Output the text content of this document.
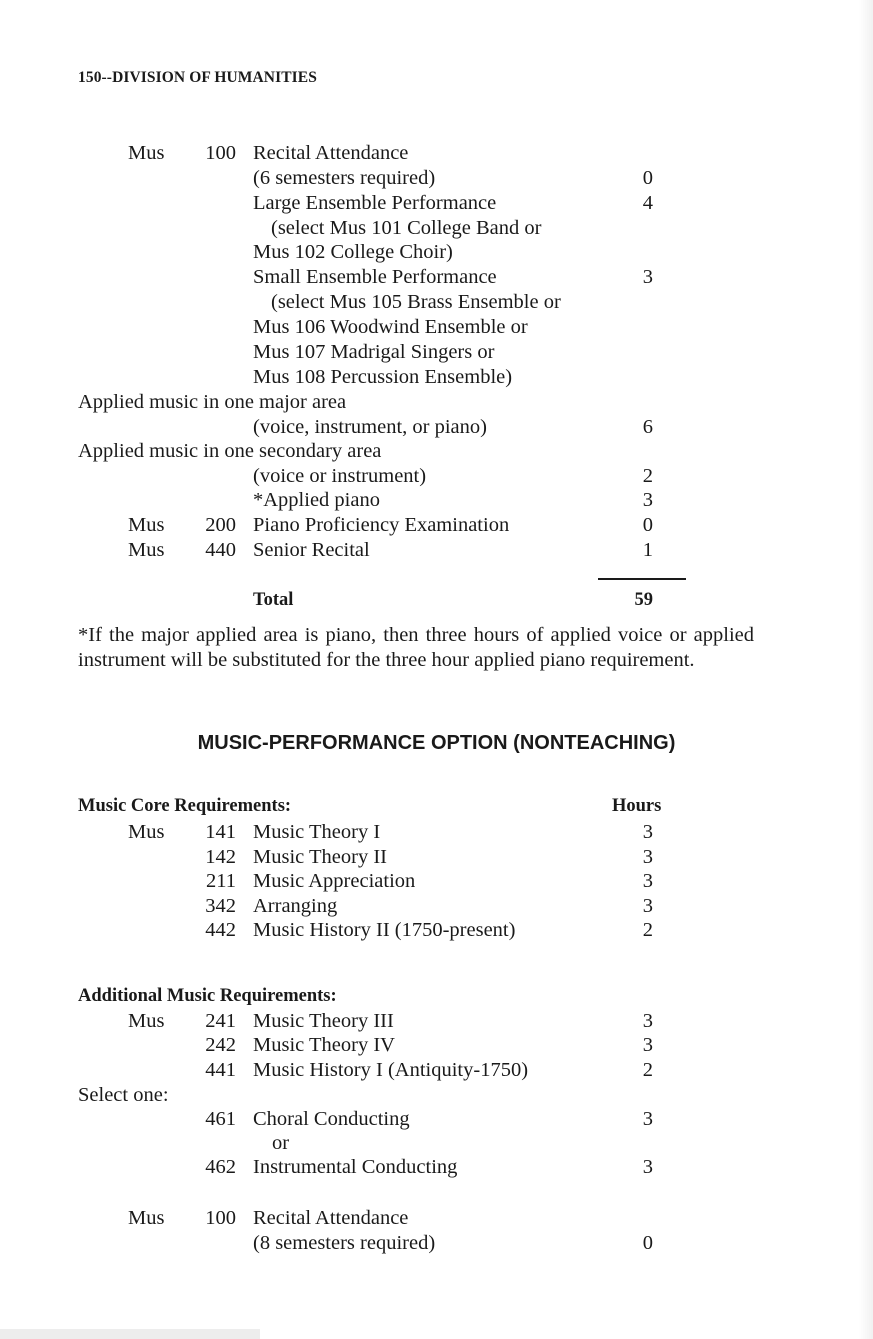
150--DIVISION OF HUMANITIES
Mus 100 Recital Attendance
(6 semesters required)	0
Large Ensemble Performance	4
(select Mus 101 College Band or
Mus 102 College Choir)
Small Ensemble Performance	3
(select Mus 105 Brass Ensemble or
Mus 106 Woodwind Ensemble or
Mus 107 Madrigal Singers or
Mus 108 Percussion Ensemble)
Applied music in one major area
(voice, instrument, or piano)	6
Applied music in one secondary area
(voice or instrument)	2
*Applied piano	3
Mus 200 Piano Proficiency Examination	0
Mus 440 Senior Recital	1
Total	59
*If the major applied area is piano, then three hours of applied voice or applied instrument will be substituted for the three hour applied piano requirement.
MUSIC-PERFORMANCE OPTION (NONTEACHING)
Music Core Requirements:	Hours
Mus 141 Music Theory I	3
142 Music Theory II	3
211 Music Appreciation	3
342 Arranging	3
442 Music History II (1750-present)	2
Additional Music Requirements:
Mus 241 Music Theory III	3
242 Music Theory IV	3
441 Music History I (Antiquity-1750)	2
Select one:
461 Choral Conducting	3
or
462 Instrumental Conducting	3
Mus 100 Recital Attendance
(8 semesters required)	0
